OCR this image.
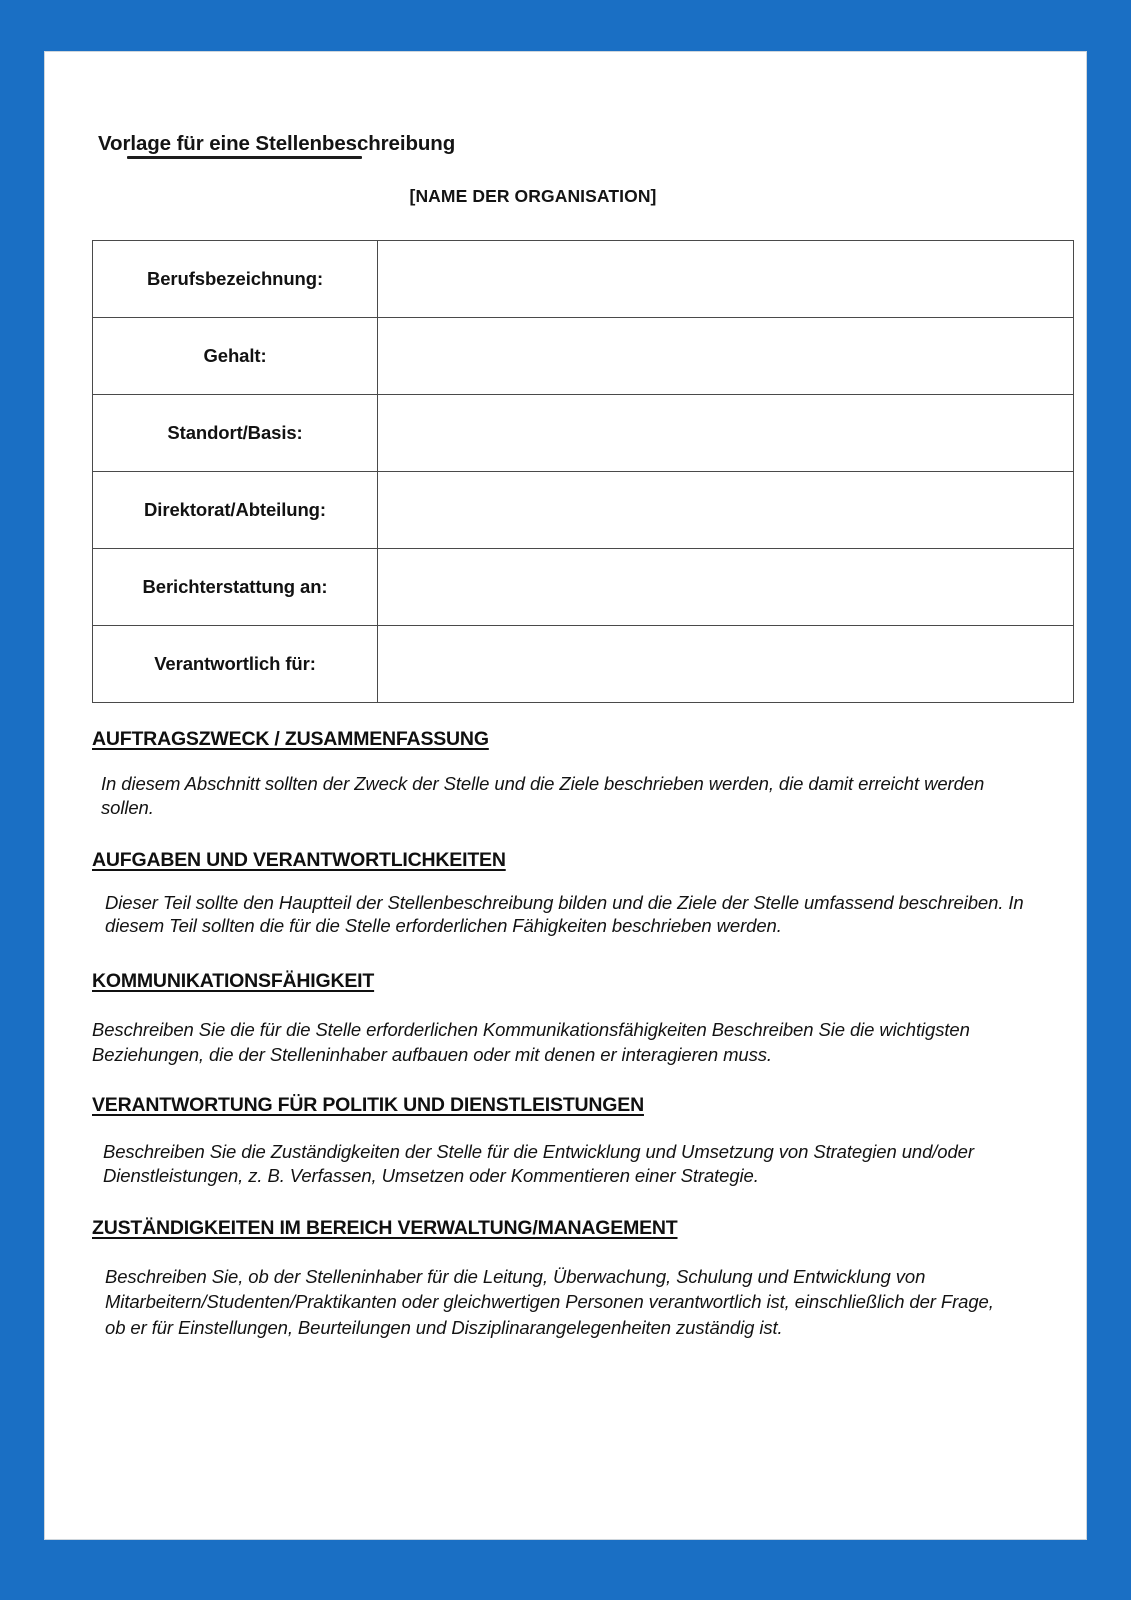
Vorlage für eine Stellenbeschreibung
[NAME DER ORGANISATION]
Berufsbezeichnung:	
Gehalt:	
Standort/Basis:	
Direktorat/Abteilung:	
Berichterstattung an:	
Verantwortlich für:	
AUFTRAGSZWECK / ZUSAMMENFASSUNG
In diesem Abschnitt sollten der Zweck der Stelle und die Ziele beschrieben werden, die damit erreicht werden sollen.
AUFGABEN UND VERANTWORTLICHKEITEN
Dieser Teil sollte den Hauptteil der Stellenbeschreibung bilden und die Ziele der Stelle umfassend beschreiben. In diesem Teil sollten die für die Stelle erforderlichen Fähigkeiten beschrieben werden.
KOMMUNIKATIONSFÄHIGKEIT
Beschreiben Sie die für die Stelle erforderlichen Kommunikationsfähigkeiten Beschreiben Sie die wichtigsten Beziehungen, die der Stelleninhaber aufbauen oder mit denen er interagieren muss.
VERANTWORTUNG FÜR POLITIK UND DIENSTLEISTUNGEN
Beschreiben Sie die Zuständigkeiten der Stelle für die Entwicklung und Umsetzung von Strategien und/oder Dienstleistungen, z. B. Verfassen, Umsetzen oder Kommentieren einer Strategie.
ZUSTÄNDIGKEITEN IM BEREICH VERWALTUNG/MANAGEMENT
Beschreiben Sie, ob der Stelleninhaber für die Leitung, Überwachung, Schulung und Entwicklung von Mitarbeitern/Studenten/Praktikanten oder gleichwertigen Personen verantwortlich ist, einschließlich der Frage, ob er für Einstellungen, Beurteilungen und Disziplinarangelegenheiten zuständig ist.
